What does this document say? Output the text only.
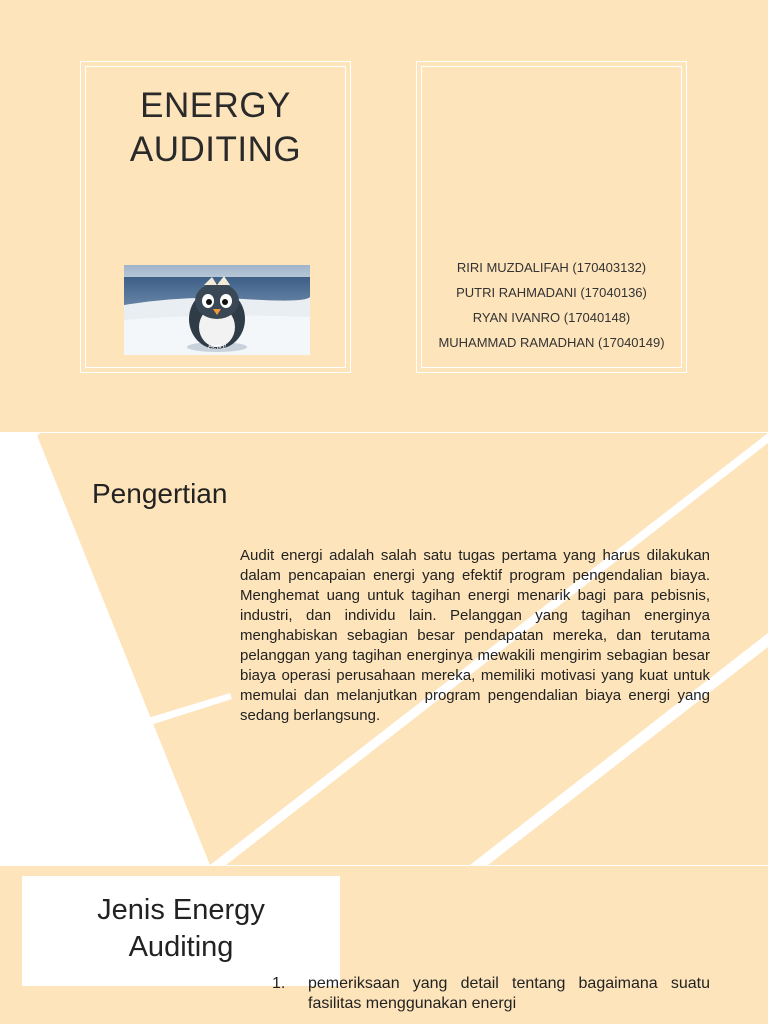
ENERGY
AUDITING
Hello!
RIRI MUZDALIFAH (170403132)
PUTRI RAHMADANI (17040136)
RYAN IVANRO (17040148)
MUHAMMAD RAMADHAN (17040149)
Pengertian
Audit energi adalah salah satu tugas pertama yang harus dilakukan dalam pencapaian energi yang efektif program pengendalian biaya. Menghemat uang untuk tagihan energi menarik bagi para pebisnis, industri, dan individu lain. Pelanggan yang tagihan energinya menghabiskan sebagian besar pendapatan mereka, dan terutama pelanggan yang tagihan energinya mewakili mengirim sebagian besar biaya operasi perusahaan mereka, memiliki motivasi yang kuat untuk memulai dan melanjutkan program pengendalian biaya energi yang sedang berlangsung.
Jenis Energy
Auditing
1. pemeriksaan yang detail tentang bagaimana suatu fasilitas menggunakan energi
